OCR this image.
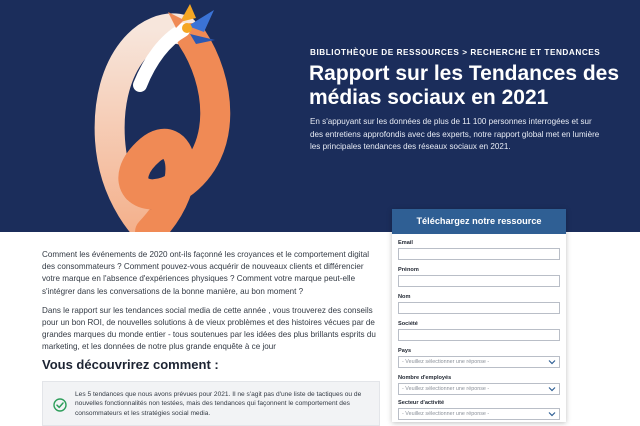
BIBLIOTHÈQUE DE RESSOURCES > RECHERCHE ET TENDANCES
Rapport sur les Tendances des médias sociaux en 2021
En s'appuyant sur les données de plus de 11 100 personnes interrogées et sur des entretiens approfondis avec des experts, notre rapport global met en lumière les principales tendances des réseaux sociaux en 2021.

Comment les événements de 2020 ont-ils façonné les croyances et le comportement digital des consommateurs ? Comment pouvez-vous acquérir de nouveaux clients et différencier votre marque en l'absence d'expériences physiques ? Comment votre marque peut-elle s'intégrer dans les conversations de la bonne manière, au bon moment ?

Dans le rapport sur les tendances social media de cette année , vous trouverez des conseils pour un bon ROI, de nouvelles solutions à de vieux problèmes et des histoires vécues par de grandes marques du monde entier - tous soutenues par les idées des plus brillants esprits du marketing, et les données de notre plus grande enquête à ce jour

Vous découvrirez comment :
Les 5 tendances que nous avons prévues pour 2021. Il ne s'agit pas d'une liste de tactiques ou de nouvelles fonctionnalités non testées, mais des tendances qui façonnent le comportement des consommateurs et les stratégies social media.
Téléchargez notre ressource
Email
Prénom
Nom
Société
Pays
- Veuillez sélectionner une réponse -
Nombre d'employés
- Veuillez sélectionner une réponse -
Secteur d'activité
- Veuillez sélectionner une réponse -
